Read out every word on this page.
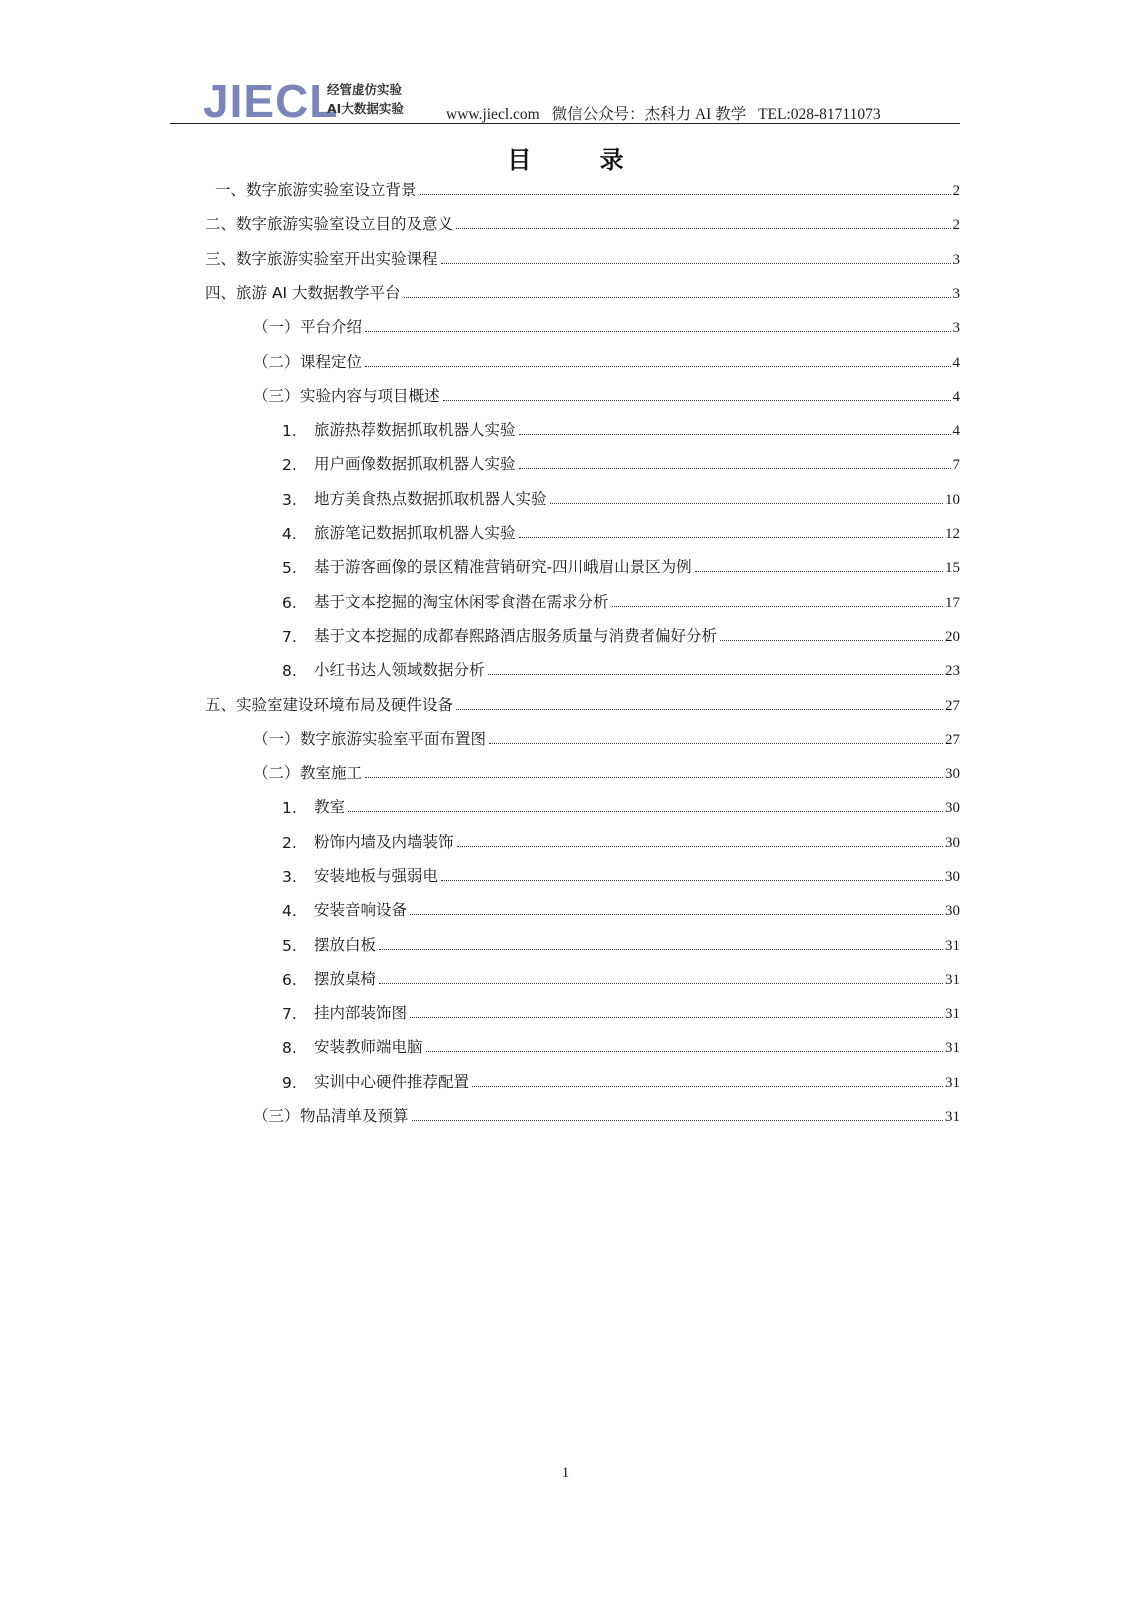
JIECL
经管虚仿实验
AI大数据实验	www.jiecl.com 微信公众号：杰科力 AI 教学 TEL:028-81711073
目 录
一、 数字旅游实验室设立背景	2
二、 数字旅游实验室设立目的及意义	2
三、 数字旅游实验室开出实验课程	3
四、 旅游 AI 大数据教学平台	3
（一） 平台介绍	3
（二） 课程定位	4
（三） 实验内容与项目概述	4
1.	旅游热荐数据抓取机器人实验	4
2.	用户画像数据抓取机器人实验	7
3.	地方美食热点数据抓取机器人实验	10
4.	旅游笔记数据抓取机器人实验	12
5.	基于游客画像的景区精准营销研究-四川峨眉山景区为例	15
6.	基于文本挖掘的淘宝休闲零食潜在需求分析	17
7.	基于文本挖掘的成都春熙路酒店服务质量与消费者偏好分析	20
8.	小红书达人领域数据分析	23
五、 实验室建设环境布局及硬件设备	27
（一） 数字旅游实验室平面布置图	27
（二） 教室施工	30
1.	教室	30
2.	粉饰内墙及内墙装饰	30
3.	安装地板与强弱电	30
4.	安装音响设备	30
5.	摆放白板	31
6.	摆放桌椅	31
7.	挂内部装饰图	31
8.	安装教师端电脑	31
9.	实训中心硬件推荐配置	31
（三） 物品清单及预算	31
1
